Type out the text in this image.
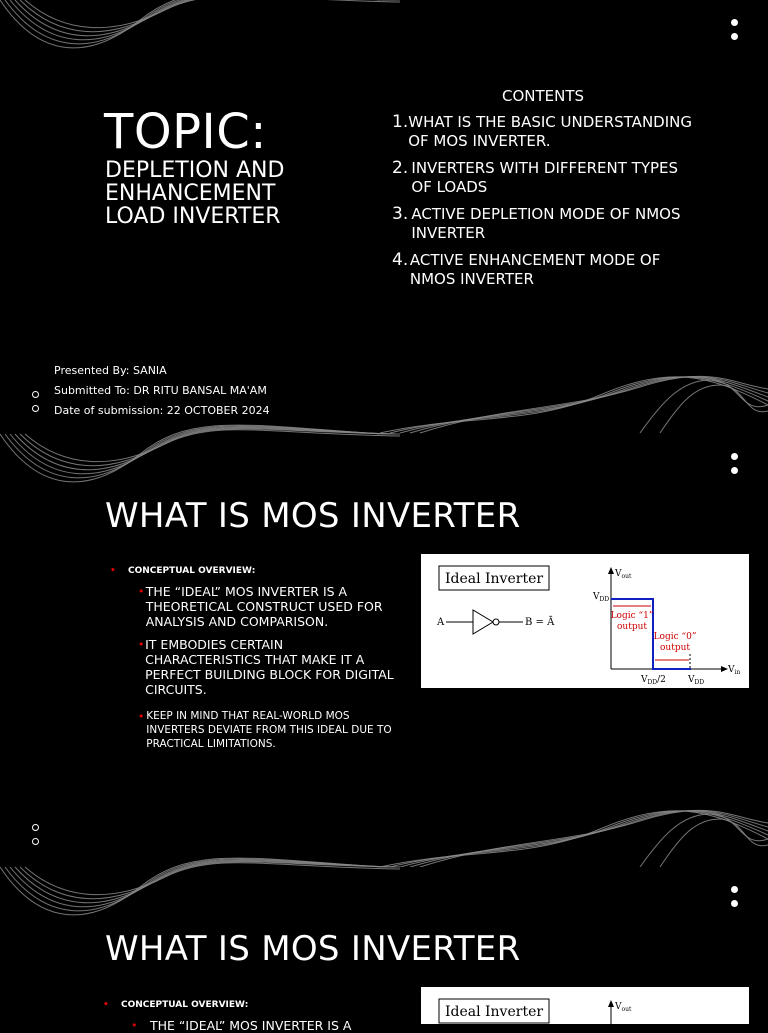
TOPIC:
DEPLETION AND
ENHANCEMENT
LOAD INVERTER
CONTENTS
1. WHAT IS THE BASIC UNDERSTANDING OF MOS INVERTER.
2. INVERTERS WITH DIFFERENT TYPES OF LOADS
3. ACTIVE DEPLETION MODE OF NMOS INVERTER
4. ACTIVE ENHANCEMENT MODE OF NMOS INVERTER
Presented By: SANIA
Submitted To: DR RITU BANSAL MA'AM
Date of submission: 22 OCTOBER 2024
WHAT IS MOS INVERTER
•	CONCEPTUAL OVERVIEW:
• THE “IDEAL” MOS INVERTER IS A THEORETICAL CONSTRUCT USED FOR ANALYSIS AND COMPARISON.
• IT EMBODIES CERTAIN CHARACTERISTICS THAT MAKE IT A PERFECT BUILDING BLOCK FOR DIGITAL CIRCUITS.
• KEEP IN MIND THAT REAL-WORLD MOS INVERTERS DEVIATE FROM THIS IDEAL DUE TO PRACTICAL LIMITATIONS.
Ideal Inverter
A	B = Ā
$V_{out}$
$V_{DD}$
Logic “1”
output
Logic “0”
output
$V_{DD}/2$ $V_{DD}$
$V_{in}$
WHAT IS MOS INVERTER
•	CONCEPTUAL OVERVIEW:
•	THE “IDEAL” MOS INVERTER IS A
Ideal Inverter	$V_{out}$
